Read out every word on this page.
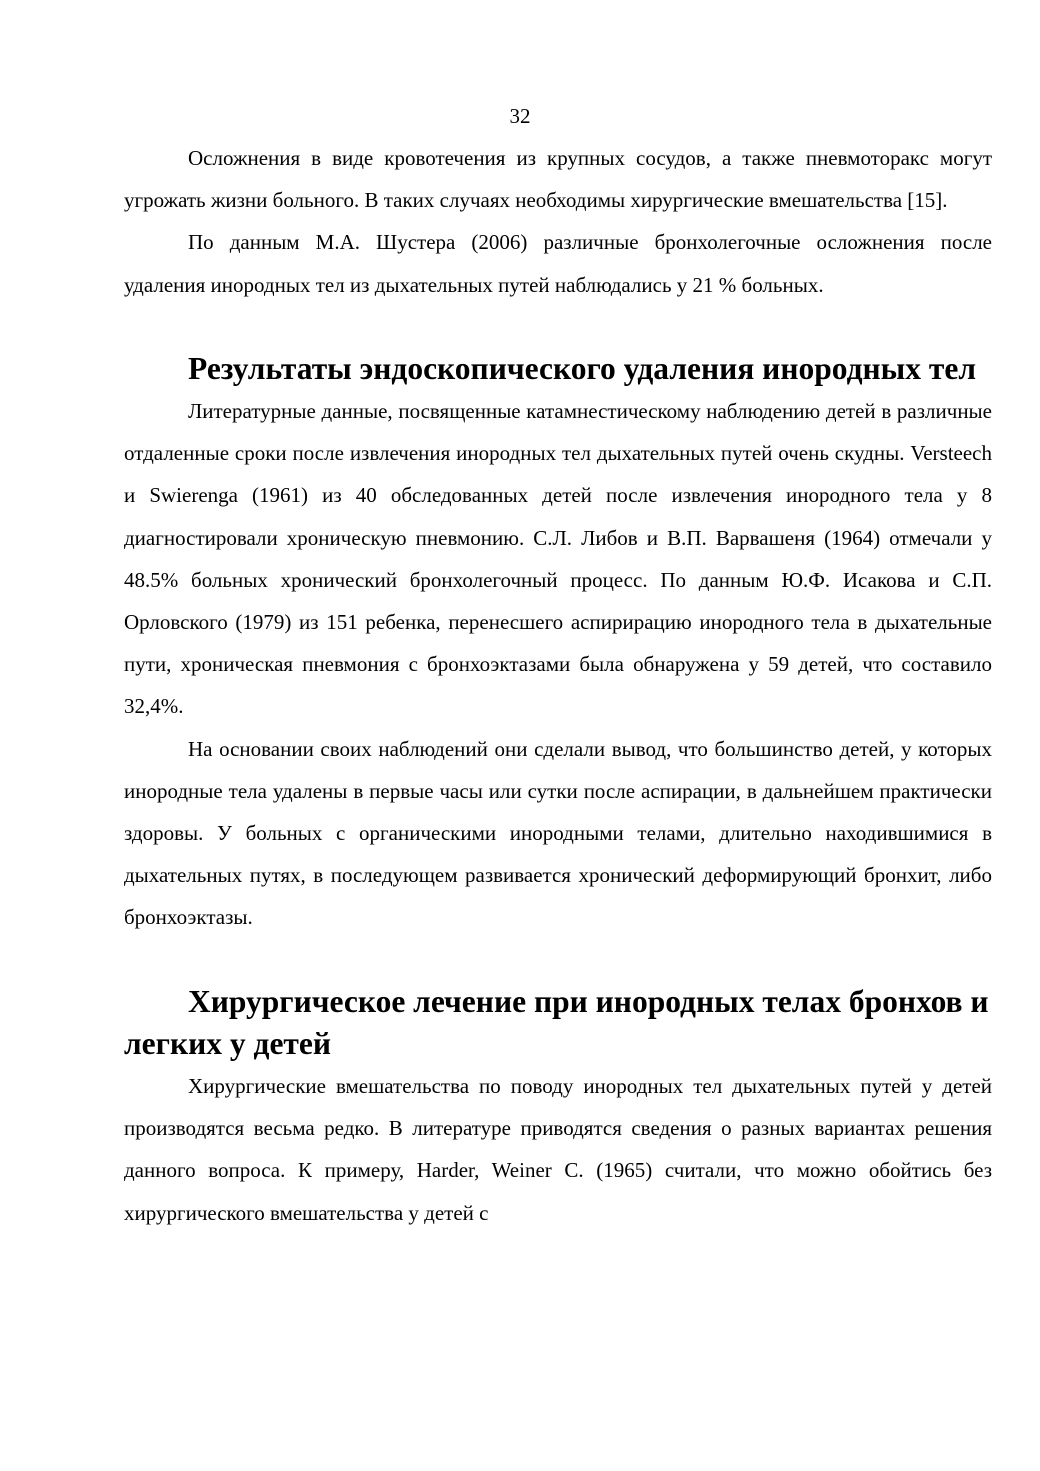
32

Осложнения в виде кровотечения из крупных сосудов, а также пневмоторакс могут угрожать жизни больного. В таких случаях необходимы хирургические вмешательства [15].

По данным М.А. Шустера (2006) различные бронхолегочные осложнения после удаления инородных тел из дыхательных путей наблюдались у 21 % больных.

Результаты эндоскопического удаления инородных тел

Литературные данные, посвященные катамнестическому наблюдению детей в различные отдаленные сроки после извлечения инородных тел дыхательных путей очень скудны. Versteech и Swierenga (1961) из 40 обследованных детей после извлечения инородного тела у 8 диагностировали хроническую пневмонию. С.Л. Либов и В.П. Варвашеня (1964) отмечали у 48.5% больных хронический бронхолегочный процесс. По данным Ю.Ф. Исакова и С.П. Орловского (1979) из 151 ребенка, перенесшего аспирирацию инородного тела в дыхательные пути, хроническая пневмония с бронхоэктазами была обнаружена у 59 детей, что составило 32,4%.

На основании своих наблюдений они сделали вывод, что большинство детей, у которых инородные тела удалены в первые часы или сутки после аспирации, в дальнейшем практически здоровы. У больных с органическими инородными телами, длительно находившимися в дыхательных путях, в последующем развивается хронический деформирующий бронхит, либо бронхоэктазы.

Хирургическое лечение при инородных телах бронхов и легких у детей

Хирургические вмешательства по поводу инородных тел дыхательных путей у детей производятся весьма редко. В литературе приводятся сведения о разных вариантах решения данного вопроса. К примеру, Harder, Weiner C. (1965) считали, что можно обойтись без хирургического вмешательства у детей с
